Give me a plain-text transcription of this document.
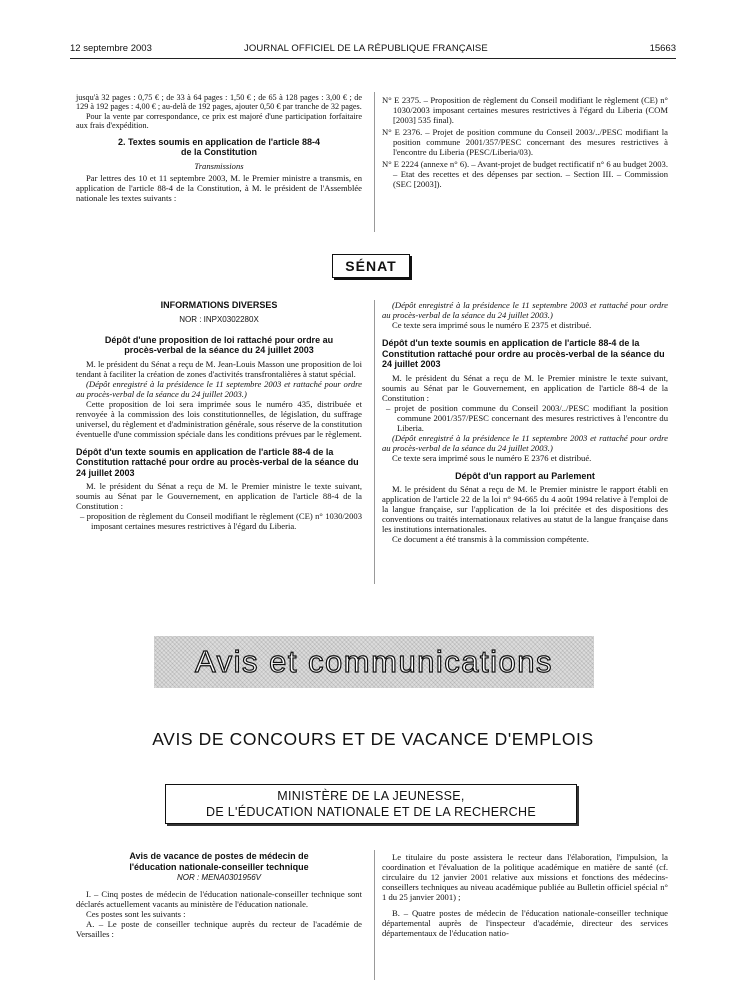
12 septembre 2003	JOURNAL OFFICIEL DE LA RÉPUBLIQUE FRANÇAISE	15663

jusqu'à 32 pages : 0,75 € ; de 33 à 64 pages : 1,50 € ; de 65 à 128 pages : 3,00 € ; de 129 à 192 pages : 4,00 € ; au-delà de 192 pages, ajouter 0,50 € par tranche de 32 pages.

Pour la vente par correspondance, ce prix est majoré d'une participation forfaitaire aux frais d'expédition.

2. Textes soumis en application de l'article 88-4
de la Constitution

Transmissions

Par lettres des 10 et 11 septembre 2003, M. le Premier ministre a transmis, en application de l'article 88-4 de la Constitution, à M. le président de l'Assemblée nationale les textes suivants :

N° E 2375. – Proposition de règlement du Conseil modifiant le règlement (CE) n° 1030/2003 imposant certaines mesures restrictives à l'égard du Liberia (COM [2003] 535 final).

N° E 2376. – Projet de position commune du Conseil 2003/../PESC modifiant la position commune 2001/357/PESC concernant des mesures restrictives à l'encontre du Liberia (PESC/Liberia/03).

N° E 2224 (annexe n° 6). – Avant-projet de budget rectificatif n° 6 au budget 2003. – Etat des recettes et des dépenses par section. – Section III. – Commission (SEC [2003]).

SÉNAT

INFORMATIONS DIVERSES

NOR : INPX0302280X

Dépôt d'une proposition de loi rattaché pour ordre au procès-verbal de la séance du 24 juillet 2003

M. le président du Sénat a reçu de M. Jean-Louis Masson une proposition de loi tendant à faciliter la création de zones d'activités transfrontalières à statut spécial.

(Dépôt enregistré à la présidence le 11 septembre 2003 et rattaché pour ordre au procès-verbal de la séance du 24 juillet 2003.)

Cette proposition de loi sera imprimée sous le numéro 435, distribuée et renvoyée à la commission des lois constitutionnelles, de législation, du suffrage universel, du règlement et d'administration générale, sous réserve de la constitution éventuelle d'une commission spéciale dans les conditions prévues par le règlement.

Dépôt d'un texte soumis en application de l'article 88-4 de la Constitution rattaché pour ordre au procès-verbal de la séance du 24 juillet 2003

M. le président du Sénat a reçu de M. le Premier ministre le texte suivant, soumis au Sénat par le Gouvernement, en application de l'article 88-4 de la Constitution :

– proposition de règlement du Conseil modifiant le règlement (CE) n° 1030/2003 imposant certaines mesures restrictives à l'égard du Liberia.

(Dépôt enregistré à la présidence le 11 septembre 2003 et rattaché pour ordre au procès-verbal de la séance du 24 juillet 2003.)

Ce texte sera imprimé sous le numéro E 2375 et distribué.

Dépôt d'un texte soumis en application de l'article 88-4 de la Constitution rattaché pour ordre au procès-verbal de la séance du 24 juillet 2003

M. le président du Sénat a reçu de M. le Premier ministre le texte suivant, soumis au Sénat par le Gouvernement, en application de l'article 88-4 de la Constitution :

– projet de position commune du Conseil 2003/../PESC modifiant la position commune 2001/357/PESC concernant des mesures restrictives à l'encontre du Liberia.

(Dépôt enregistré à la présidence le 11 septembre 2003 et rattaché pour ordre au procès-verbal de la séance du 24 juillet 2003.)

Ce texte sera imprimé sous le numéro E 2376 et distribué.

Dépôt d'un rapport au Parlement

M. le président du Sénat a reçu de M. le Premier ministre le rapport établi en application de l'article 22 de la loi n° 94-665 du 4 août 1994 relative à l'emploi de la langue française, sur l'application de la loi précitée et des dispositions des conventions ou traités internationaux relatives au statut de la langue française dans les institutions internationales.

Ce document a été transmis à la commission compétente.

Avis et communications
AVIS DE CONCOURS ET DE VACANCE D'EMPLOIS
MINISTÈRE DE LA JEUNESSE,
DE L'ÉDUCATION NATIONALE ET DE LA RECHERCHE

Avis de vacance de postes de médecin de l'éducation nationale-conseiller technique

NOR : MENA0301956V

I. – Cinq postes de médecin de l'éducation nationale-conseiller technique sont déclarés actuellement vacants au ministère de l'éducation nationale.

Ces postes sont les suivants :

A. – Le poste de conseiller technique auprès du recteur de l'académie de Versailles :

Le titulaire du poste assistera le recteur dans l'élaboration, l'impulsion, la coordination et l'évaluation de la politique académique en matière de santé (cf. circulaire du 12 janvier 2001 relative aux missions et fonctions des médecins-conseillers techniques au niveau académique publiée au Bulletin officiel spécial n° 1 du 25 janvier 2001) ;

B. – Quatre postes de médecin de l'éducation nationale-conseiller technique départemental auprès de l'inspecteur d'académie, directeur des services départementaux de l'éducation natio-
